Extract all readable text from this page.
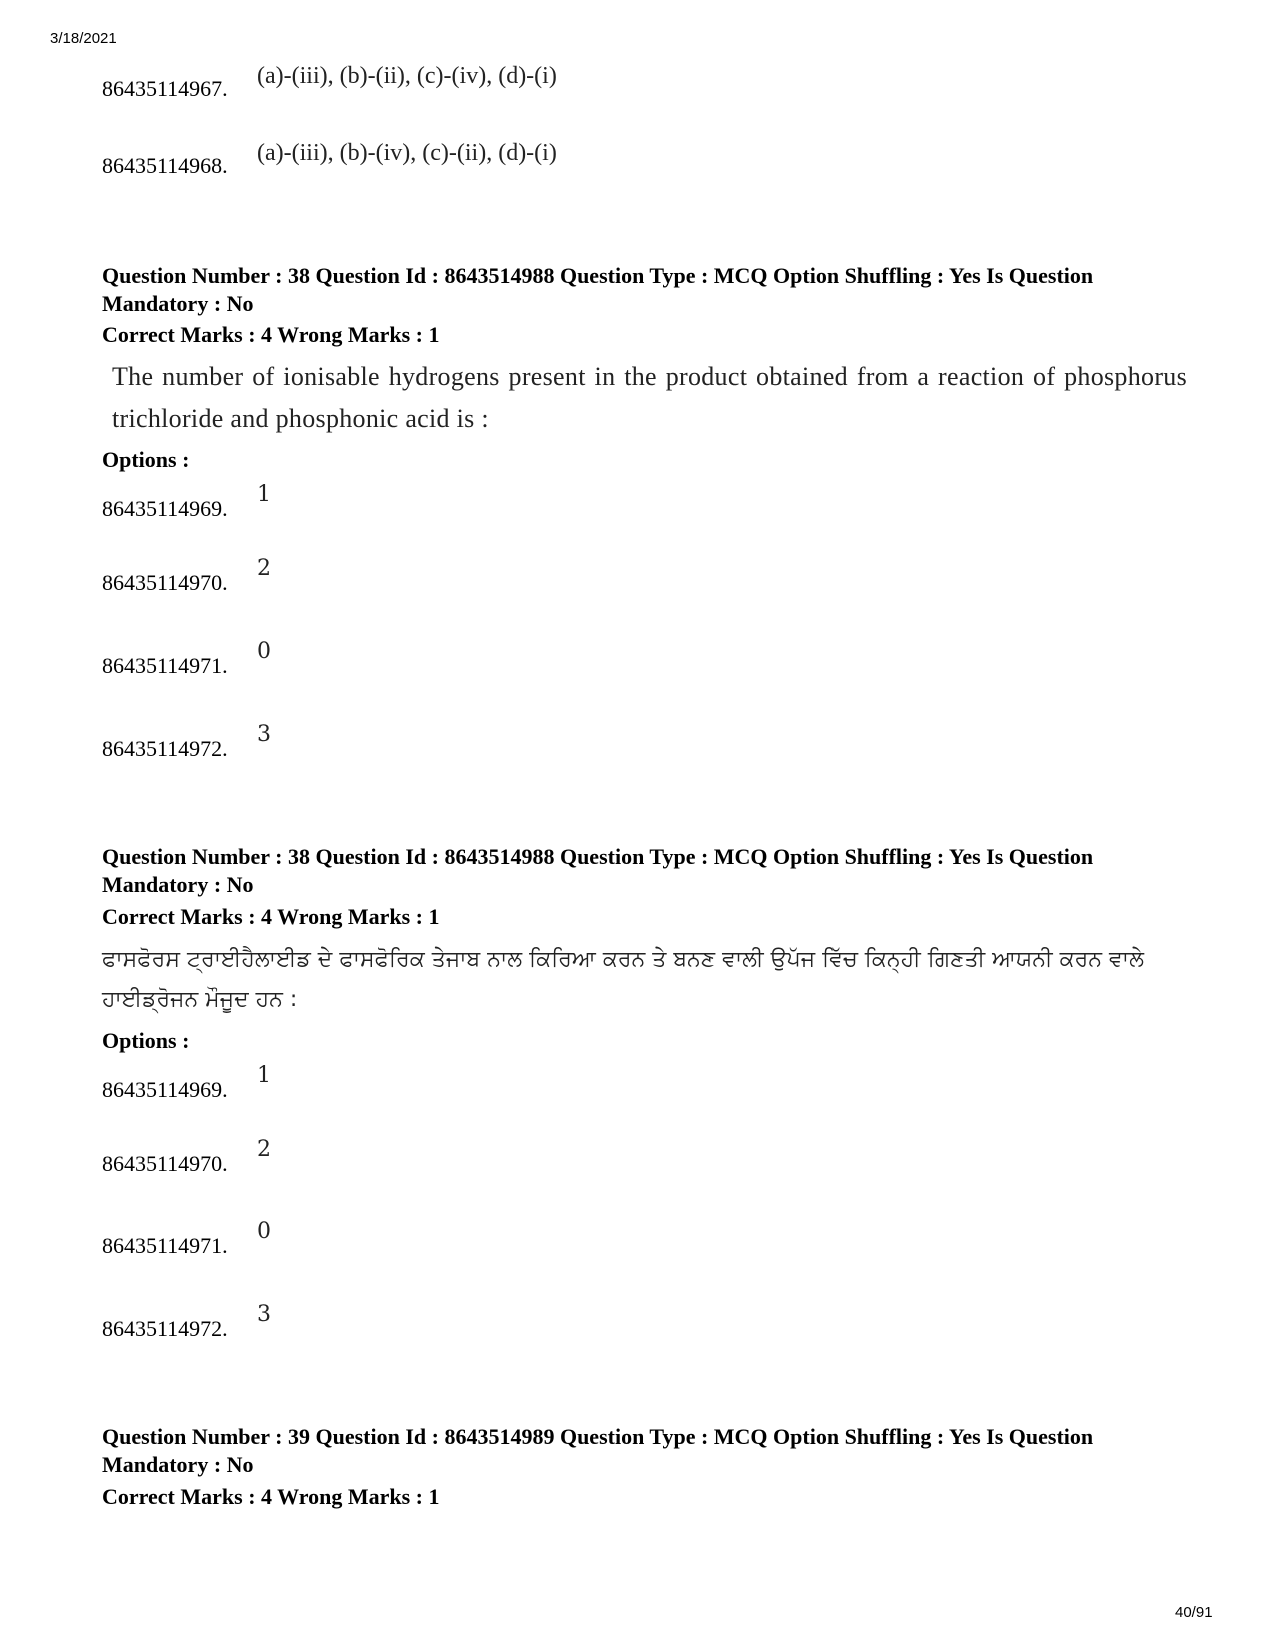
3/18/2021
86435114967. (a)-(iii), (b)-(ii), (c)-(iv), (d)-(i)
86435114968. (a)-(iii), (b)-(iv), (c)-(ii), (d)-(i)
Question Number : 38 Question Id : 8643514988 Question Type : MCQ Option Shuffling : Yes Is Question Mandatory : No
Correct Marks : 4 Wrong Marks : 1
The number of ionisable hydrogens present in the product obtained from a reaction of phosphorus trichloride and phosphonic acid is :
Options :
86435114969.
1
86435114970.
2
86435114971.
0
86435114972.
3
Question Number : 38 Question Id : 8643514988 Question Type : MCQ Option Shuffling : Yes Is Question Mandatory : No
Correct Marks : 4 Wrong Marks : 1
ਫਾਸਫੋਰਸ ਟ੍ਰਾਈਹੈਲਾਈਡ ਦੇ ਫਾਸਫੋਰਿਕ ਤੇਜਾਬ ਨਾਲ ਕਿਰਿਆ ਕਰਨ ਤੇ ਬਨਣ ਵਾਲੀ ਉਪੱਜ ਵਿੱਚ ਕਿਨ੍ਹੀ ਗਿਣਤੀ ਆਯਨੀ ਕਰਨ ਵਾਲੇ ਹਾਈਡ੍ਰੋਜਨ ਮੌਜੂਦ ਹਨ :
Options :
86435114969.
1
86435114970.
2
86435114971.
0
86435114972.
3
Question Number : 39 Question Id : 8643514989 Question Type : MCQ Option Shuffling : Yes Is Question Mandatory : No
Correct Marks : 4 Wrong Marks : 1
40/91
